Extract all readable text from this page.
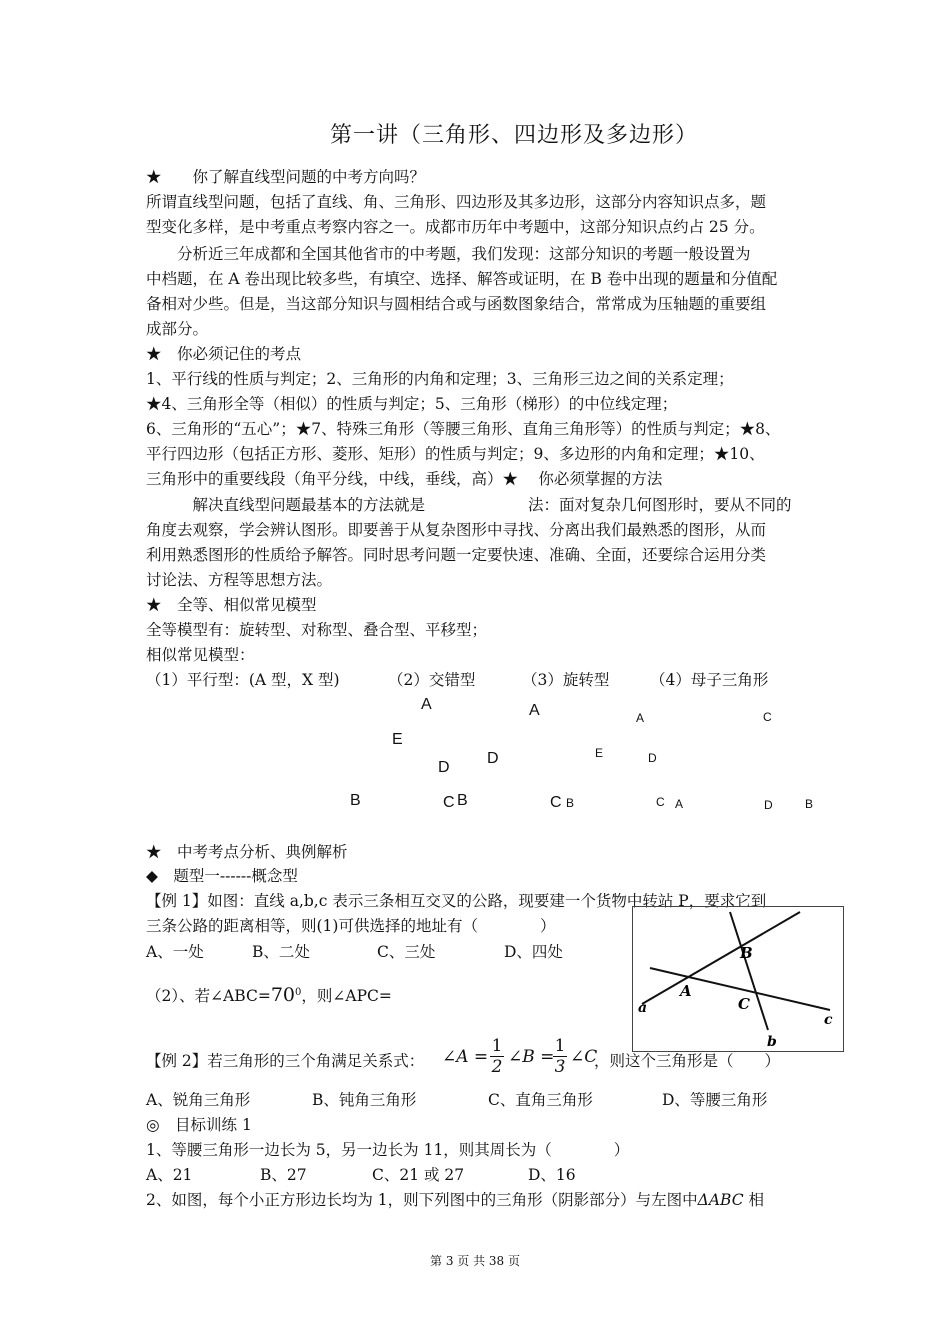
第一讲（三角形、四边形及多边形）
★　　你了解直线型问题的中考方向吗？
所谓直线型问题，包括了直线、角、三角形、四边形及其多边形，这部分内容知识点多，题
型变化多样，是中考重点考察内容之一。成都市历年中考题中，这部分知识点约占 25 分。
　　分析近三年成都和全国其他省市的中考题，我们发现：这部分知识的考题一般设置为
中档题，在 A 卷出现比较多些，有填空、选择、解答或证明，在 B 卷中出现的题量和分值配
备相对少些。但是，当这部分知识与圆相结合或与函数图象结合，常常成为压轴题的重要组
成部分。
★　你必须记住的考点
1、平行线的性质与判定；2、三角形的内角和定理；3、三角形三边之间的关系定理；
★4、三角形全等（相似）的性质与判定；5、三角形（梯形）的中位线定理；
6、三角形的“五心”；★7、特殊三角形（等腰三角形、直角三角形等）的性质与判定；★8、
平行四边形（包括正方形、菱形、矩形）的性质与判定；9、多边形的内角和定理；★10、
三角形中的重要线段（角平分线，中线，垂线，高）★　 你必须掌握的方法
　　　解决直线型问题最基本的方法就是	法：面对复杂几何图形时，要从不同的
角度去观察，学会辨认图形。即要善于从复杂图形中寻找、分离出我们最熟悉的图形，从而
利用熟悉图形的性质给予解答。同时思考问题一定要快速、准确、全面，还要综合运用分类
讨论法、方程等思想方法。
★　全等、相似常见模型
全等模型有：旋转型、对称型、叠合型、平移型；
相似常见模型：
（1）平行型：(A 型，X 型)	（2）交错型	（3）旋转型	（4）母子三角形
A
E
D
B	C B
A
D
C B
A
E	D
C A
C
D	B
★　中考考点分析、典例解析
◆　题型一------概念型
【例 1】如图：直线 a,b,c 表示三条相互交叉的公路，现要建一个货物中转站 P，要求它到
三条公路的距离相等，则(1)可供选择的地址有（　　　　）
A、一处	B、二处	C、三处	D、四处
（2）、若$\angle ABC=70^0$，则∠APC=
a
b
c
A
B
C
【例 2】若三角形的三个角满足关系式： ∠A = $\frac{1}{2}$ ∠B =
$\frac{1}{3}$ ∠C
，则这个三角形是（　　）
A、锐角三角形	B、钝角三角形	C、直角三角形	D、等腰三角形
◎　目标训练 1
1、等腰三角形一边长为 5，另一边长为 11，则其周长为（　　　　）
A、21	B、27	C、21 或 27	D、16
2、如图，每个小正方形边长均为 1，则下列图中的三角形（阴影部分）与左图中ΔABC 相
第 3 页 共 38 页
